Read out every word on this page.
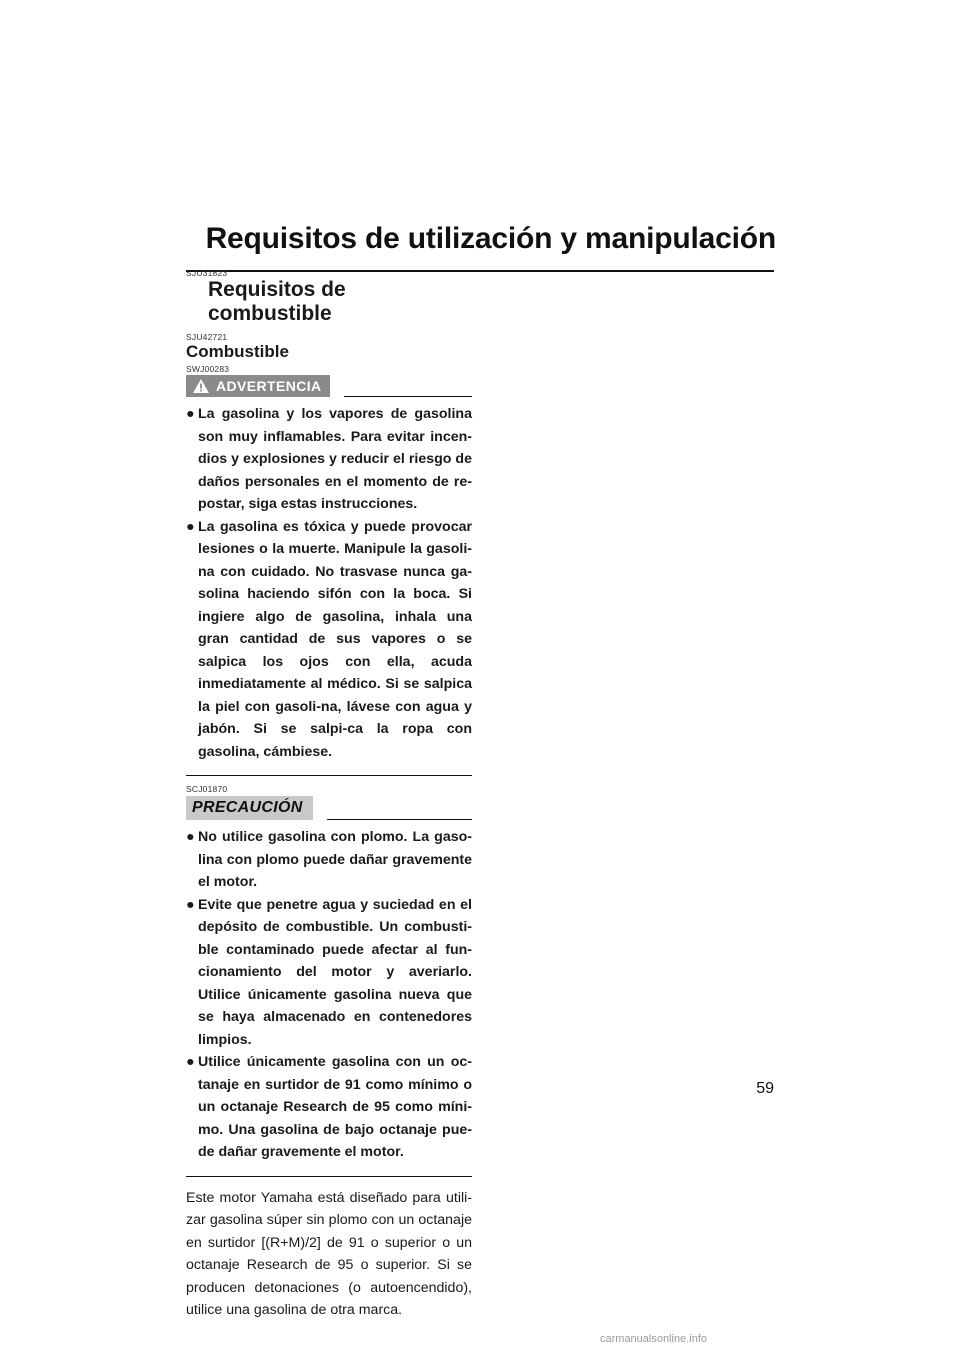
Requisitos de utilización y manipulación
SJU31823
Requisitos de combustible
SJU42721
Combustible
SWJ00283
ADVERTENCIA
● La gasolina y los vapores de gasolina son muy inflamables. Para evitar incen-dios y explosiones y reducir el riesgo de daños personales en el momento de re-postar, siga estas instrucciones.
● La gasolina es tóxica y puede provocar lesiones o la muerte. Manipule la gasoli-na con cuidado. No trasvase nunca ga-solina haciendo sifón con la boca. Si ingiere algo de gasolina, inhala una gran cantidad de sus vapores o se salpica los ojos con ella, acuda inmediatamente al médico. Si se salpica la piel con gasoli-na, lávese con agua y jabón. Si se salpi-ca la ropa con gasolina, cámbiese.
SCJ01870
PRECAUCIÓN
● No utilice gasolina con plomo. La gaso-lina con plomo puede dañar gravemente el motor.
● Evite que penetre agua y suciedad en el depósito de combustible. Un combusti-ble contaminado puede afectar al fun-cionamiento del motor y averiarlo. Utilice únicamente gasolina nueva que se haya almacenado en contenedores limpios.
● Utilice únicamente gasolina con un oc-tanaje en surtidor de 91 como mínimo o un octanaje Research de 95 como míni-mo. Una gasolina de bajo octanaje pue-de dañar gravemente el motor.

Este motor Yamaha está diseñado para utili-zar gasolina súper sin plomo con un octanaje en surtidor [(R+M)/2] de 91 o superior o un octanaje Research de 95 o superior. Si se producen detonaciones (o autoencendido), utilice una gasolina de otra marca.

59
carmanualsonline.info
